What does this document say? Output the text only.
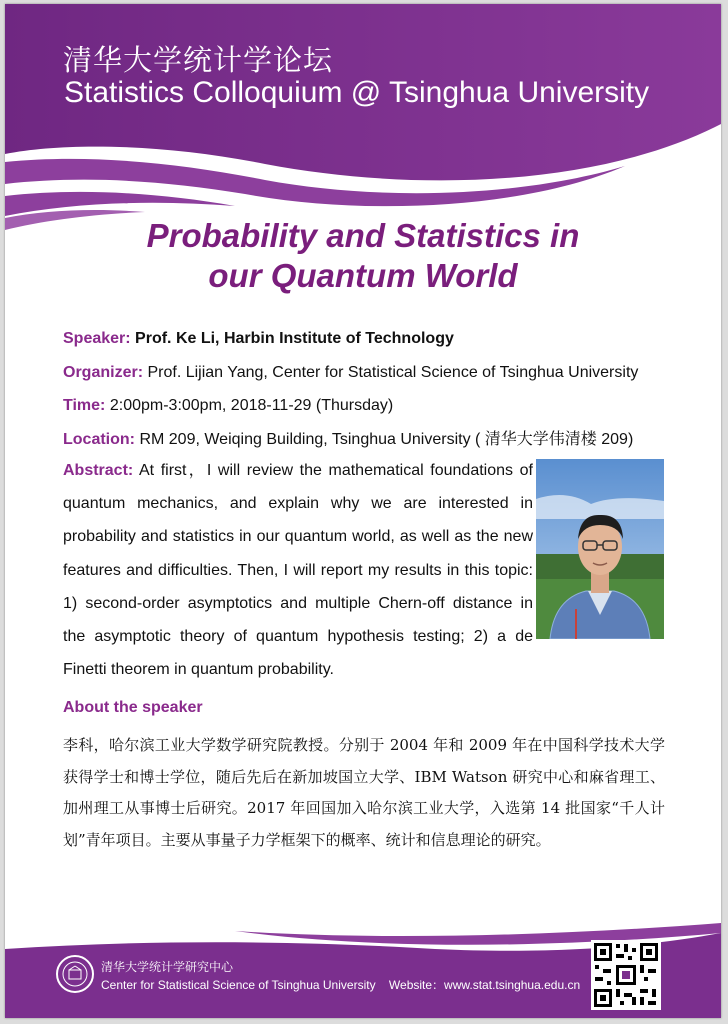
清华大学统计学论坛
Statistics Colloquium @ Tsinghua University
Probability and Statistics in
our Quantum World
Speaker: Prof. Ke Li, Harbin Institute of Technology
Organizer: Prof. Lijian Yang, Center for Statistical Science of Tsinghua University
Time: 2:00pm-3:00pm, 2018-11-29 (Thursday)
Location: RM 209, Weiqing Building, Tsinghua University ( 清华大学伟清楼 209)
Abstract: At first，I will review the mathematical foundations of quantum mechanics, and explain why we are interested in probability and statistics in our quantum world, as well as the new features and difficulties. Then, I will report my results in this topic: 1) second-order asymptotics and multiple Chern-off distance in the asymptotic theory of quantum hypothesis testing; 2) a de Finetti theorem in quantum probability.
About the speaker
李科，哈尔滨工业大学数学研究院教授。分别于 2004 年和 2009 年在中国科学技术大学获得学士和博士学位，随后先后在新加坡国立大学、IBM Watson 研究中心和麻省理工、加州理工从事博士后研究。2017 年回国加入哈尔滨工业大学，入选第 14 批国家“千人计划”青年项目。主要从事量子力学框架下的概率、统计和信息理论的研究。
清华大学统计学研究中心
Center for Statistical Science of Tsinghua University Website：www.stat.tsinghua.edu.cn
